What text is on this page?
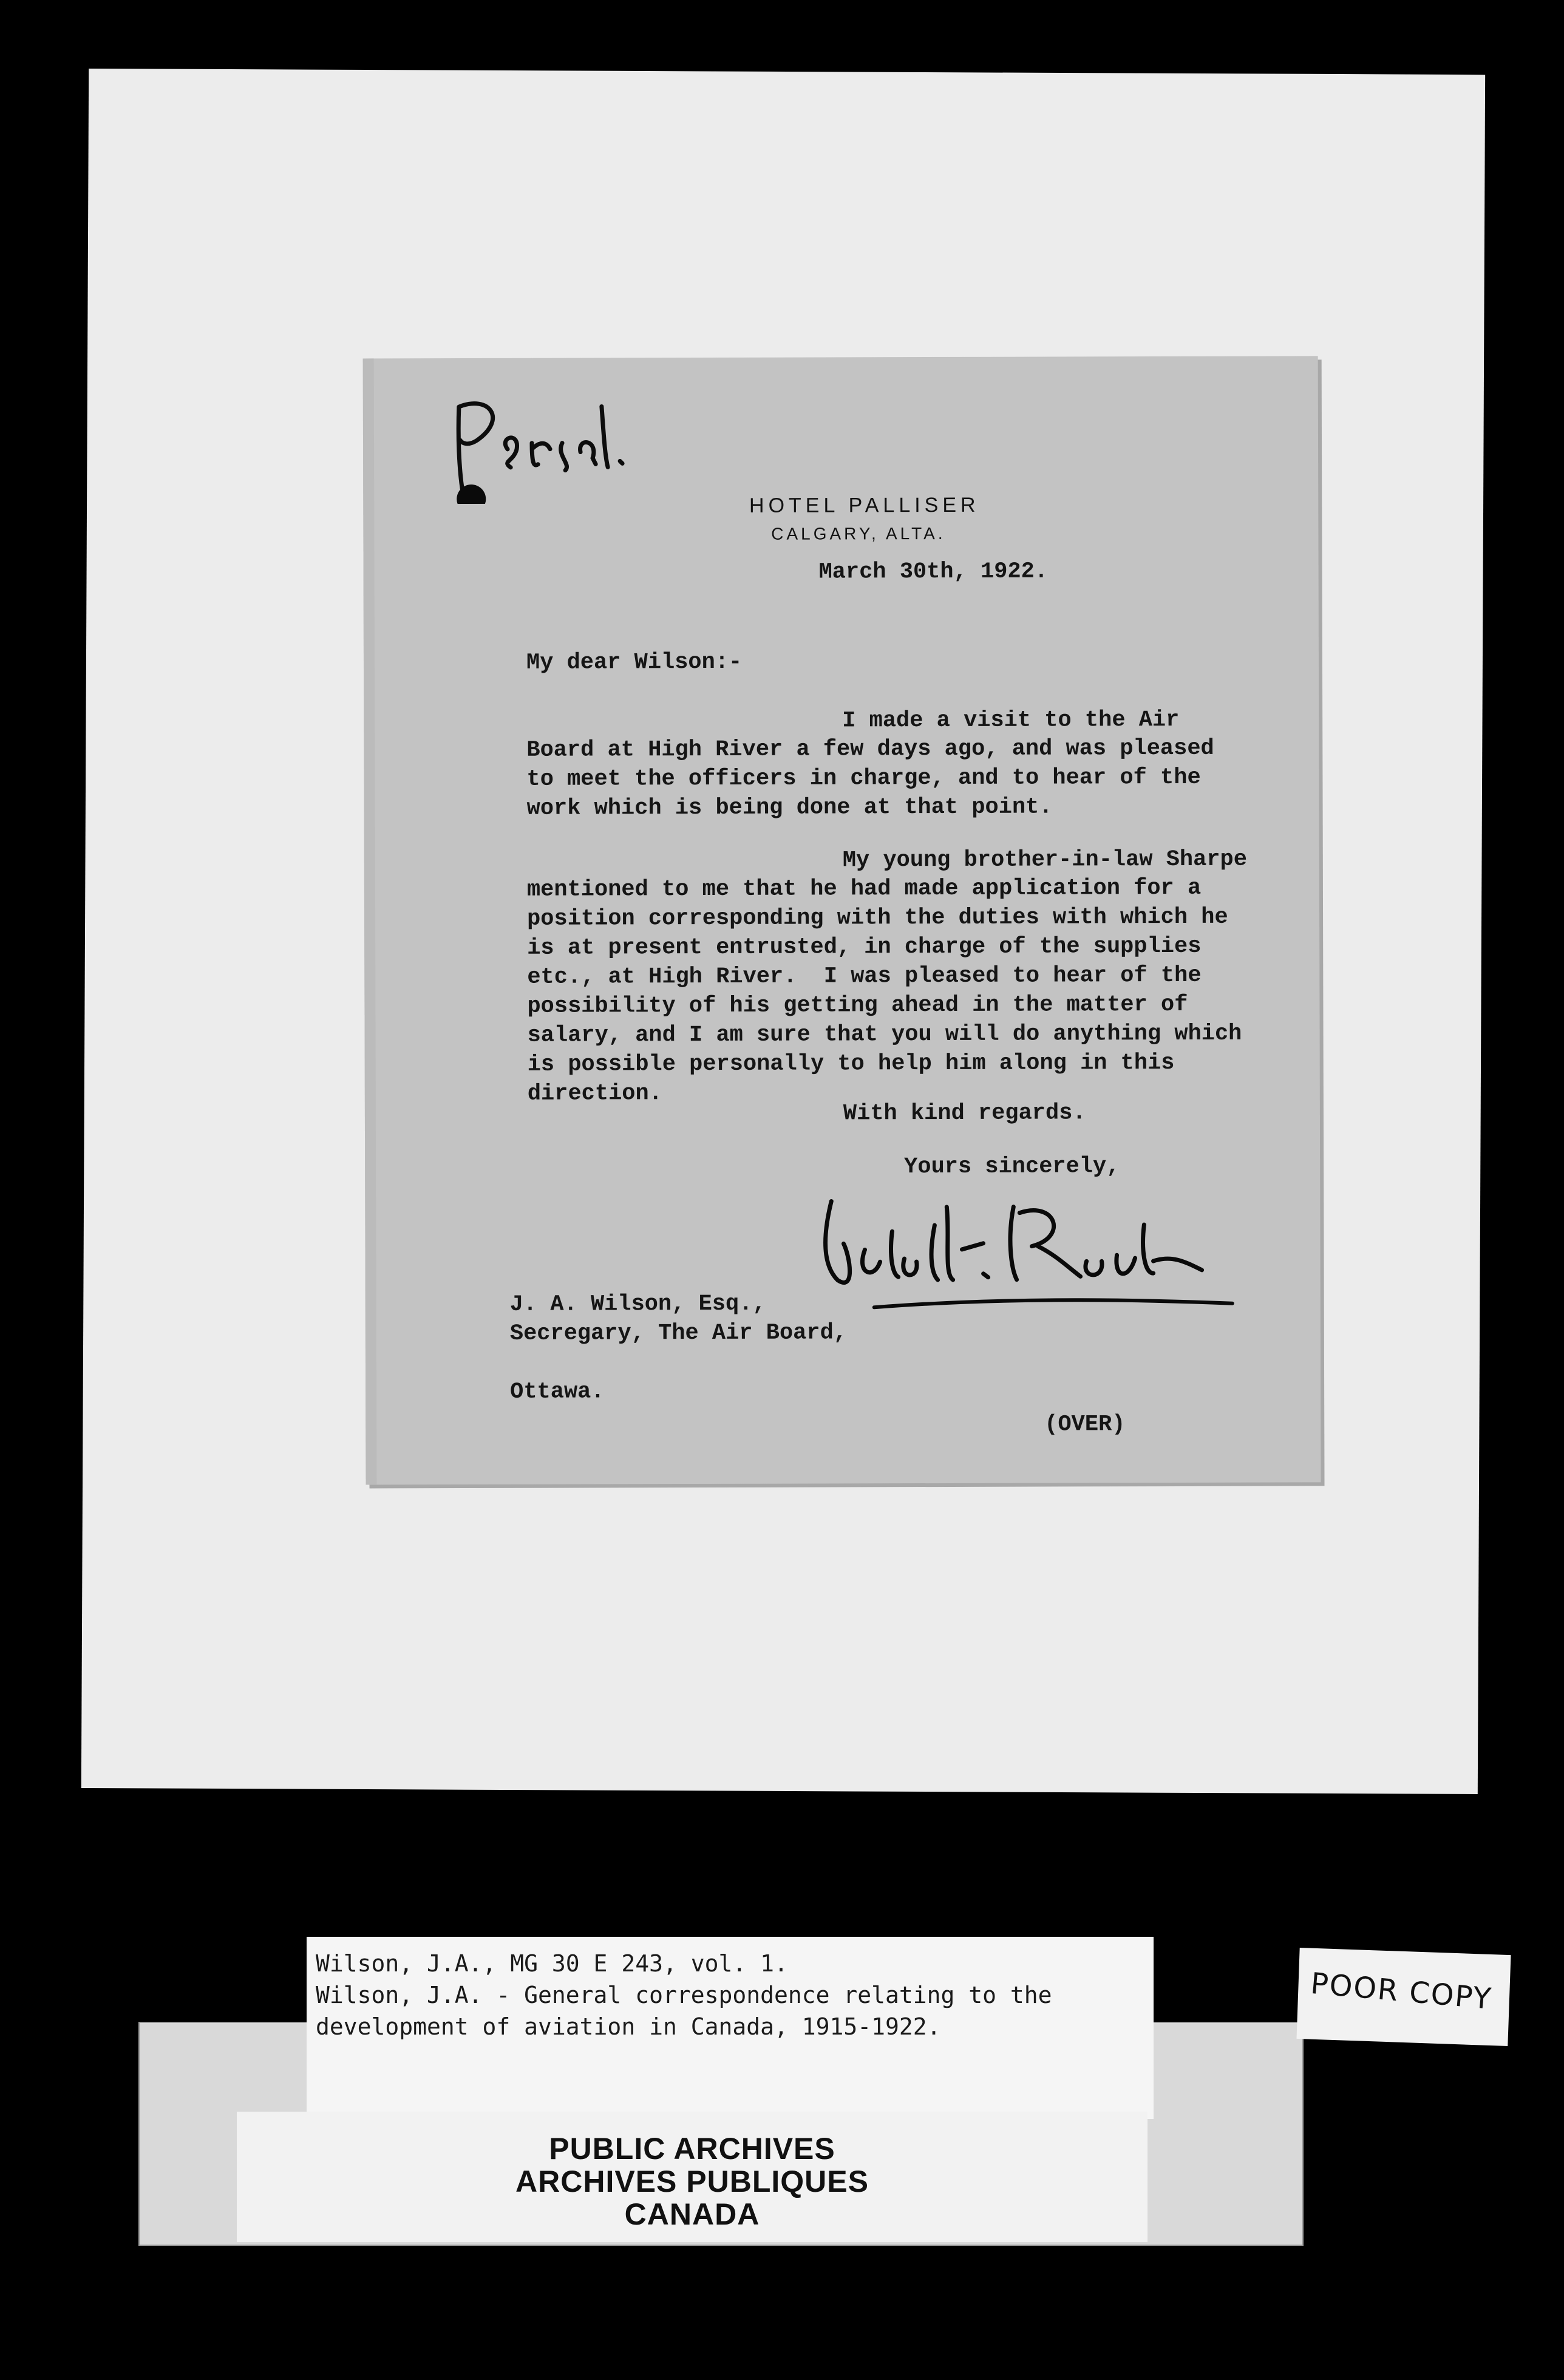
HOTEL PALLISER
CALGARY, ALTA.
March 30th, 1922.
My dear Wilson:-
I made a visit to the Air
Board at High River a few days ago, and was pleased
to meet the officers in charge, and to hear of the
work which is being done at that point.
My young brother-in-law Sharpe
mentioned to me that he had made application for a
position corresponding with the duties with which he
is at present entrusted, in charge of the supplies
etc., at High River.  I was pleased to hear of the
possibility of his getting ahead in the matter of
salary, and I am sure that you will do anything which
is possible personally to help him along in this
direction.
With kind regards.
Yours sincerely,
J. A. Wilson, Esq.,
Secregary, The Air Board,

Ottawa.
(OVER)
Wilson, J.A., MG 30 E 243, vol. 1.
Wilson, J.A. - General correspondence relating to the
development of aviation in Canada, 1915-1922.
PUBLIC ARCHIVES
ARCHIVES PUBLIQUES
CANADA
POOR COPY
